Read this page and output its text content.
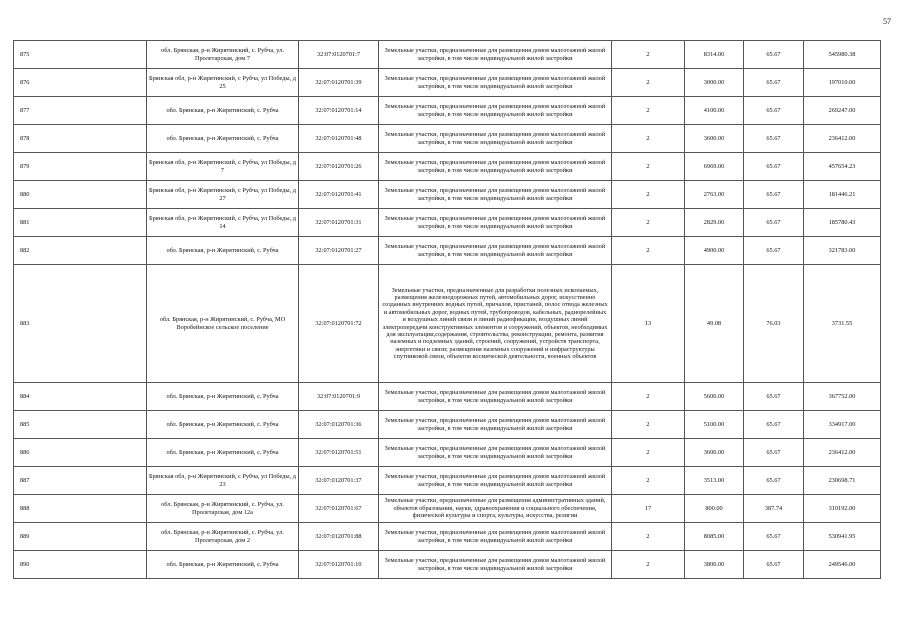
57
875	обл. Брянская, р-н Жирятинский, с. Рубча, ул. Пролетарская, дом 7	32:07:0120701:7	Земельные участки, предназначенные для размещения домов малоэтажной жилой застройки, в том числе индивидуальной жилой застройки	2	8314.00	65.67	545980.38
876	Брянская обл, р-н Жирятинский, с Рубча, ул Победы, д 25	32:07:0120701:39	Земельные участки, предназначенные для размещения домов малоэтажной жилой застройки, в том числе индивидуальной жилой застройки	2	3000.00	65.67	197010.00
877	обл. Брянская, р-н Жирятинский, с. Рубча	32:07:0120701:14	Земельные участки, предназначенные для размещения домов малоэтажной жилой застройки, в том числе индивидуальной жилой застройки	2	4100.00	65.67	269247.00
878	обл. Брянская, р-н Жирятинский, с. Рубча	32:07:0120701:48	Земельные участки, предназначенные для размещения домов малоэтажной жилой застройки, в том числе индивидуальной жилой застройки	2	3600.00	65.67	236412.00
879	Брянская обл, р-н Жирятинский, с Рубча, ул Победы, д 7	32:07:0120701:26	Земельные участки, предназначенные для размещения домов малоэтажной жилой застройки, в том числе индивидуальной жилой застройки	2	6969.00	65.67	457654.23
880	Брянская обл, р-н Жирятинский, с Рубча, ул Победы, д 27	32:07:0120701:41	Земельные участки, предназначенные для размещения домов малоэтажной жилой застройки, в том числе индивидуальной жилой застройки	2	2763.00	65.67	181446.21
881	Брянская обл, р-н Жирятинский, с Рубча, ул Победы, д 14	32:07:0120701:31	Земельные участки, предназначенные для размещения домов малоэтажной жилой застройки, в том числе индивидуальной жилой застройки	2	2829.00	65.67	185780.43
882	обл. Брянская, р-н Жирятинский, с. Рубча	32:07:0120701:27	Земельные участки, предназначенные для размещения домов малоэтажной жилой застройки, в том числе индивидуальной жилой застройки	2	4900.00	65.67	321783.00
883	обл. Брянская, р-н Жирятинский, с. Рубча, МО Воробейнское сельское поселение	32:07:0120701:72	Земельные участки, предназначенные для разработки полезных ископаемых, размещения железнодорожных путей, автомобильных дорог, искусственно созданных внутренних водных путей, причалов, пристаней, полос отвода железных и автомобильных дорог, водных путей, трубопроводов, кабельных, радиорелейных и воздушных линий связи и линий радиофикации, воздушных линий электропередачи конструктивных элементов и сооружений, объектов, необходимых для эксплуатации,содержания, строительства, реконструкции, ремонта, развития наземных и подземных зданий, строений, сооружений, устройств транспорта, энергетики и связи; размещения наземных сооружений и инфраструктуры спутниковой связи, объектов космической деятельности, военных объектов	13	49.08	76.03	3731.55
884	обл. Брянская, р-н Жирятинский, с. Рубча	32:07:0120701:9	Земельные участки, предназначенные для размещения домов малоэтажной жилой застройки, в том числе индивидуальной жилой застройки	2	5600.00	65.67	367752.00
885	обл. Брянская, р-н Жирятинский, с. Рубча	32:07:0120701:36	Земельные участки, предназначенные для размещения домов малоэтажной жилой застройки, в том числе индивидуальной жилой застройки	2	5100.00	65.67	334917.00
886	обл. Брянская, р-н Жирятинский, с. Рубча	32:07:0120701:51	Земельные участки, предназначенные для размещения домов малоэтажной жилой застройки, в том числе индивидуальной жилой застройки	2	3600.00	65.67	236412.00
887	Брянская обл, р-н Жирятинский, с Рубча, ул Победы, д 23	32:07:0120701:37	Земельные участки, предназначенные для размещения домов малоэтажной жилой застройки, в том числе индивидуальной жилой застройки	2	3513.00	65.67	230698.71
888	обл. Брянская, р-н Жирятинский, с. Рубча, ул. Пролетарская, дом 12а	32:07:0120701:67	Земельные участки, предназначенные для размещения административных зданий, объектов образования, науки, здравоохранения и социального обеспечения, физической культуры и спорта, культуры, искусства, религии	17	800.00	387.74	310192.00
889	обл. Брянская, р-н Жирятинский, с. Рубча, ул. Пролетарская, дом 2	32:07:0120701:88	Земельные участки, предназначенные для размещения домов малоэтажной жилой застройки, в том числе индивидуальной жилой застройки	2	8085.00	65.67	530941.95
890	обл. Брянская, р-н Жирятинский, с. Рубча	32:07:0120701:10	Земельные участки, предназначенные для размещения домов малоэтажной жилой застройки, в том числе индивидуальной жилой застройки	2	3800.00	65.67	249546.00
